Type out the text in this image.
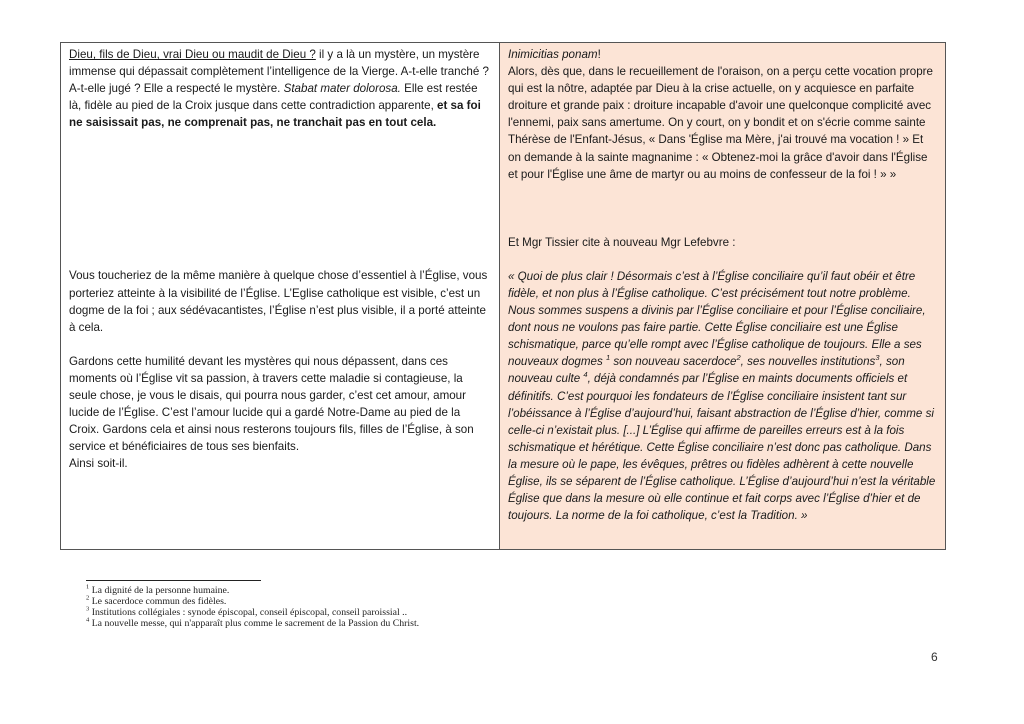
Dieu, fils de Dieu, vrai Dieu ou maudit de Dieu ? il y a là un mystère, un mystère immense qui dépassait complètement l’intelligence de la Vierge. A-t-elle tranché ? A-t-elle jugé ? Elle a respecté le mystère. Stabat mater dolorosa. Elle est restée là, fidèle au pied de la Croix jusque dans cette contradiction apparente, et sa foi ne saisissait pas, ne comprenait pas, ne tranchait pas en tout cela.

Vous toucheriez de la même manière à quelque chose d’essentiel à l’Église, vous porteriez atteinte à la visibilité de l’Église. L’Eglise catholique est visible, c’est un dogme de la foi ; aux sédévacantistes, l’Église n’est plus visible, il a porté atteinte à cela.

Gardons cette humilité devant les mystères qui nous dépassent, dans ces moments où l’Église vit sa passion, à travers cette maladie si contagieuse, la seule chose, je vous le disais, qui pourra nous garder, c’est cet amour, amour lucide de l’Église. C’est l’amour lucide qui a gardé Notre-Dame au pied de la Croix. Gardons cela et ainsi nous resterons toujours fils, filles de l’Église, à son service et bénéficiaires de tous ses bienfaits.

Ainsi soit-il.

Inimicitias ponam!

Alors, dès que, dans le recueillement de l'oraison, on a perçu cette vocation propre qui est la nôtre, adaptée par Dieu à la crise actuelle, on y acquiesce en parfaite droiture et grande paix : droiture incapable d'avoir une quelconque complicité avec l'ennemi, paix sans amertume. On y court, on y bondit et on s'écrie comme sainte Thérèse de l'Enfant-Jésus, « Dans 'Église ma Mère, j'ai trouvé ma vocation ! » Et on demande à la sainte magnanime : « Obtenez-moi la grâce d'avoir dans l'Église et pour l'Église une âme de martyr ou au moins de confesseur de la foi ! » »

Et Mgr Tissier cite à nouveau Mgr Lefebvre :

« Quoi de plus clair ! Désormais c’est à l’Église conciliaire qu’il faut obéir et être fidèle, et non plus à l’Église catholique. C’est précisément tout notre problème. Nous sommes suspens a divinis par l’Église conciliaire et pour l’Église conciliaire, dont nous ne voulons pas faire partie. Cette Église conciliaire est une Église schismatique, parce qu’elle rompt avec l’Église catholique de toujours. Elle a ses nouveaux dogmes $^1$ son nouveau sacerdoce$^2$, ses nouvelles institutions$^3$, son nouveau culte $^4$, déjà condamnés par l’Église en maints documents officiels et définitifs. C’est pourquoi les fondateurs de l’Église conciliaire insistent tant sur l’obéissance à l’Église d’aujourd’hui, faisant abstraction de l’Église d’hier, comme si celle-ci n’existait plus. [...] L’Église qui affirme de pareilles erreurs est à la fois schismatique et hérétique. Cette Église conciliaire n’est donc pas catholique. Dans la mesure où le pape, les évêques, prêtres ou fidèles adhèrent à cette nouvelle Église, ils se séparent de l’Église catholique. L’Église d’aujourd’hui n’est la véritable Église que dans la mesure où elle continue et fait corps avec l’Église d’hier et de toujours. La norme de la foi catholique, c’est la Tradition. »

$^1$ La dignité de la personne humaine.
$^2$ Le sacerdoce commun des fidèles.
$^3$ Institutions collégiales : synode épiscopal, conseil épiscopal, conseil paroissial ..
$^4$ La nouvelle messe, qui n'apparaît plus comme le sacrement de la Passion du Christ.
6
